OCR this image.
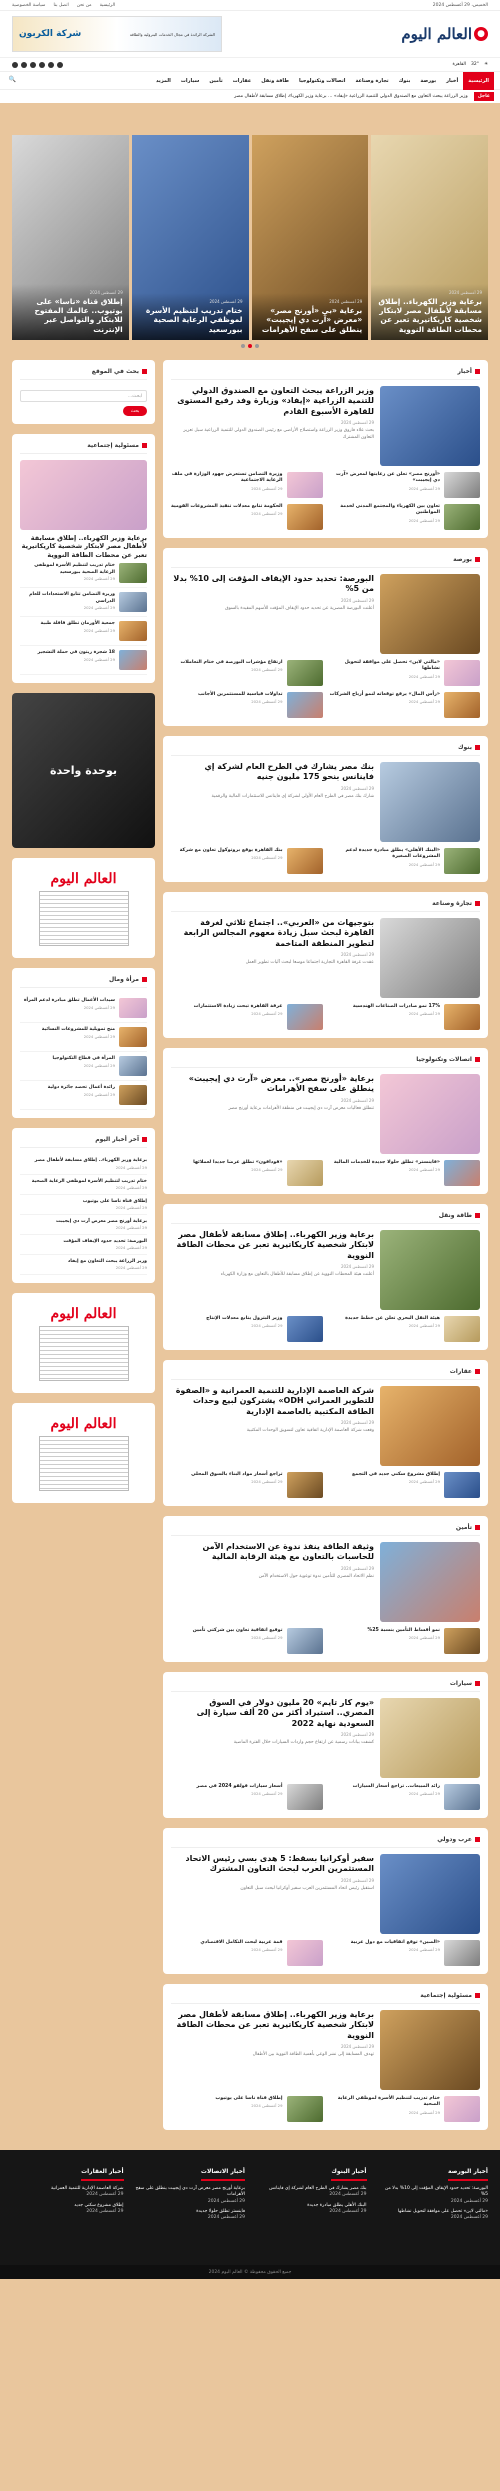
الخميس، 29 أغسطس 2024
الرئيسية
من نحن
اتصل بنا
سياسة الخصوصية
●
العالم اليوم
الشركة الرائدة في مجال الخدمات البترولية والطاقة
شركة الكربون
☀
32°
القاهرة
الرئيسية
أخبار
بورصة
بنوك
تجارة وصناعة
اتصالات وتكنولوجيا
طاقة ونقل
عقارات
تأمين
سيارات
المزيد
🔍
عاجل
وزير الزراعة يبحث التعاون مع الصندوق الدولي للتنمية الزراعية «إيفاد» ... برعاية وزير الكهرباء، إطلاق مسابقة لأطفال مصر
29 أغسطس 2024
برعاية وزير الكهرباء.. إطلاق مسابقة لأطفال مصر لابتكار شخصية كاريكاتيرية تعبر عن محطات الطاقة النووية
29 أغسطس 2024
برعاية «بي «أورنج مصر» «معرض «آرت دي إيجيبت» ينطلق على سفح الأهرامات
29 أغسطس 2024
ختام تدريب لتنظيم الأسرة لموظفي الرعاية الصحية ببورسعيد
29 أغسطس 2024
إطلاق قناة «ناسا» على يوتيوب.. عالمك المفتوح للابتكار والتواصل عبر الإنترنت
أخبار
وزير الزراعة يبحث التعاون مع الصندوق الدولي للتنمية الزراعية «إيفاد» وزيارة وفد رفيع المستوى للقاهرة الأسبوع القادم
29 أغسطس 2024
بحث علاء فاروق وزير الزراعة واستصلاح الأراضي مع رئيس الصندوق الدولي للتنمية الزراعية سبل تعزيز التعاون المشترك
«أورنج مصر» تعلن عن رعايتها لمعرض «آرت دي إيجيبت»
29 أغسطس 2024
وزيرة التضامن تستعرض جهود الوزارة في ملف الرعاية الاجتماعية
29 أغسطس 2024
تعاون بين الكهرباء والمجتمع المدني لخدمة المواطنين
29 أغسطس 2024
الحكومة تتابع معدلات تنفيذ المشروعات القومية
29 أغسطس 2024
بورصة
البورصة: تحديد حدود الإيقاف المؤقت إلى 10% بدلا من 5%
29 أغسطس 2024
أعلنت البورصة المصرية عن تحديد حدود الإيقاف المؤقت للأسهم المقيدة بالسوق
«مالتي لاين» تحصل على موافقة لتحويل نشاطها
29 أغسطس 2024
ارتفاع مؤشرات البورصة في ختام التعاملات
29 أغسطس 2024
«رأس المال» يرفع توقعاته لنمو أرباح الشركات
29 أغسطس 2024
تداولات قياسية للمستثمرين الأجانب
29 أغسطس 2024
بنوك
بنك مصر يشارك في الطرح العام لشركة إي فاينانس بنحو 175 مليون جنيه
29 أغسطس 2024
شارك بنك مصر في الطرح العام الأولي لشركة إي فاينانس للاستثمارات المالية والرقمية
«البنك الأهلي» يطلق مبادرة جديدة لدعم المشروعات الصغيرة
29 أغسطس 2024
بنك القاهرة يوقع بروتوكول تعاون مع شركة
29 أغسطس 2024
تجارة وصناعة
بتوجيهات من «العربي».. اجتماع ثلاثي لغرفة القاهرة لبحث سبل زيادة معهوم المجالس الرابعة لتطوير المنطقة المتاخمة
29 أغسطس 2024
عقدت غرفة القاهرة التجارية اجتماعا موسعا لبحث آليات تطوير العمل
17% نمو صادرات الصناعات الهندسية
29 أغسطس 2024
غرفة القاهرة تبحث زيادة الاستثمارات
29 أغسطس 2024
اتصالات وتكنولوجيا
برعاية «أورنج مصر».. معرض «آرت دي إيجيبت» ينطلق على سفح الأهرامات
29 أغسطس 2024
تنطلق فعاليات معرض آرت دي إيجيبت في منطقة الأهرامات برعاية أورنج مصر
«فاينستر» تطلق حلولا جديدة للخدمات المالية
29 أغسطس 2024
«فودافون» تطلق عرضا جديدا لعملائها
29 أغسطس 2024
طاقة ونقل
برعاية وزير الكهرباء.. إطلاق مسابقة لأطفال مصر لابتكار شخصية كاريكاتيرية تعبر عن محطات الطاقة النووية
29 أغسطس 2024
أعلنت هيئة المحطات النووية عن إطلاق مسابقة للأطفال بالتعاون مع وزارة الكهرباء
هيئة النقل البحري تعلن عن خطط جديدة
29 أغسطس 2024
وزير البترول يتابع معدلات الإنتاج
29 أغسطس 2024
عقارات
شركة العاصمة الإدارية للتنمية العمرانية و «الصفوة للتطوير العمراني ODH» يشتركون لبيع وحدات الطاقة المكتبية بالعاصمة الإدارية
29 أغسطس 2024
وقعت شركة العاصمة الإدارية اتفاقية تعاون لتسويق الوحدات المكتبية
إطلاق مشروع سكني جديد في التجمع
29 أغسطس 2024
تراجع أسعار مواد البناء بالسوق المحلي
29 أغسطس 2024
تأمين
وثيقة الطاقة ينفذ ندوة عن الاستخدام الآمن للحاسبات بالتعاون مع هيئة الرقابة المالية
29 أغسطس 2024
نظم الاتحاد المصري للتأمين ندوة توعوية حول الاستخدام الآمن
نمو أقساط التأمين بنسبة 25%
29 أغسطس 2024
توقيع اتفاقية تعاون بين شركتي تأمين
29 أغسطس 2024
سيارات
«يوم كار تايم» 20 مليون دولار في السوق المصري.. استيراد أكثر من 20 ألف سيارة إلى السعودية نهاية 2022
29 أغسطس 2024
كشفت بيانات رسمية عن ارتفاع حجم واردات السيارات خلال الفترة الماضية
رائد المبيعات.. تراجع أسعار السيارات
29 أغسطس 2024
أسعار سيارات فولفو 2024 في مصر
29 أغسطس 2024
عرب ودولي
سفير أوكرانيا بسقط: 5 هدى بسي رئيس الاتحاد المستثمرين العرب لبحث التعاون المشترك
29 أغسطس 2024
استقبل رئيس اتحاد المستثمرين العرب سفير أوكرانيا لبحث سبل التعاون
«الصين» توقع اتفاقيات مع دول عربية
29 أغسطس 2024
قمة عربية لبحث التكامل الاقتصادي
29 أغسطس 2024
مسئولية إجتماعية
برعاية وزير الكهرباء.. إطلاق مسابقة لأطفال مصر لابتكار شخصية كاريكاتيرية تعبر عن محطات الطاقة النووية
29 أغسطس 2024
تهدف المسابقة إلى نشر الوعي بأهمية الطاقة النووية بين الأطفال
ختام تدريب لتنظيم الأسرة لموظفي الرعاية الصحية
29 أغسطس 2024
إطلاق قناة ناسا على يوتيوب
29 أغسطس 2024
بحث في الموقع
ابحث...
بحث
مسئولية إجتماعية
برعاية وزير الكهرباء.. إطلاق مسابقة لأطفال مصر لابتكار شخصية كاريكاتيرية تعبر عن محطات الطاقة النووية
ختام تدريب لتنظيم الأسرة لموظفي الرعاية الصحية ببورسعيد
29 أغسطس 2024
وزيرة التضامن تتابع الاستعدادات للعام الدراسي
29 أغسطس 2024
جمعية الأورمان تطلق قافلة طبية
29 أغسطس 2024
18 شجرة زيتون في حملة التشجير
29 أغسطس 2024
بوحدة واحدة
العالم اليوم
مرأة ومال
سيدات الأعمال تطلق مبادرة لدعم المرأة
29 أغسطس 2024
منح تمويلية للمشروعات النسائية
29 أغسطس 2024
المرأة في قطاع التكنولوجيا
29 أغسطس 2024
رائدة أعمال تحصد جائزة دولية
29 أغسطس 2024
آخر أخبار اليوم
برعاية وزير الكهرباء.. إطلاق مسابقة لأطفال مصر
29 أغسطس 2024
ختام تدريب لتنظيم الأسرة لموظفي الرعاية الصحية
29 أغسطس 2024
إطلاق قناة ناسا على يوتيوب
29 أغسطس 2024
برعاية أورنج مصر معرض آرت دي إيجيبت
29 أغسطس 2024
البورصة: تحديد حدود الإيقاف المؤقت
29 أغسطس 2024
وزير الزراعة يبحث التعاون مع إيفاد
29 أغسطس 2024
العالم اليوم
العالم اليوم
أخبار البورصة
البورصة: تحديد حدود الإيقاف المؤقت إلى 10% بدلا من 5%
29 أغسطس 2024
«مالتي لاين» تحصل على موافقة لتحويل نشاطها
29 أغسطس 2024
أخبار البنوك
بنك مصر يشارك في الطرح العام لشركة إي فاينانس
29 أغسطس 2024
البنك الأهلي يطلق مبادرة جديدة
29 أغسطس 2024
أخبار الاتصالات
برعاية أورنج مصر معرض آرت دي إيجيبت ينطلق على سفح الأهرامات
29 أغسطس 2024
فاينستر تطلق حلولا جديدة
29 أغسطس 2024
أخبار العقارات
شركة العاصمة الإدارية للتنمية العمرانية
29 أغسطس 2024
إطلاق مشروع سكني جديد
29 أغسطس 2024
جميع الحقوق محفوظة © العالم اليوم 2024
